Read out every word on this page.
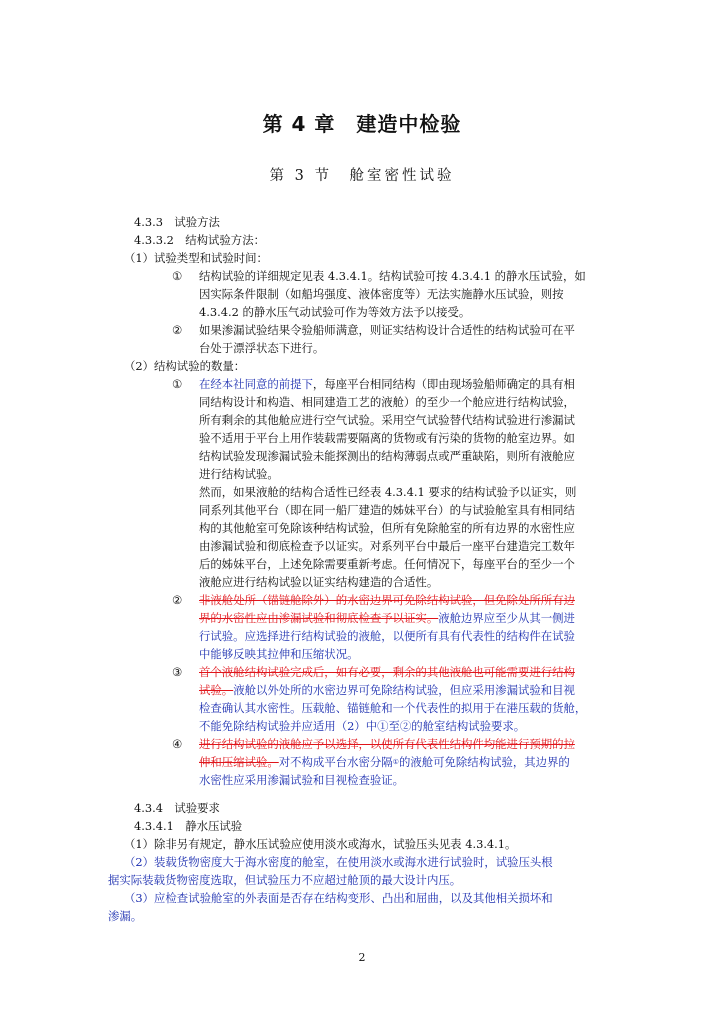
第 4 章　建造中检验
第 3 节　舱室密性试验
4.3.3　试验方法
4.3.3.2　结构试验方法：
（1）试验类型和试验时间：
① 结构试验的详细规定见表 4.3.4.1。结构试验可按 4.3.4.1 的静水压试验，如
因实际条件限制（如船坞强度、液体密度等）无法实施静水压试验，则按
4.3.4.2 的静水压气动试验可作为等效方法予以接受。
② 如果渗漏试验结果令验船师满意，则证实结构设计合适性的结构试验可在平
台处于漂浮状态下进行。
（2）结构试验的数量：
① 在经本社同意的前提下，每座平台相同结构（即由现场验船师确定的具有相
同结构设计和构造、相同建造工艺的液舱）的至少一个舱应进行结构试验，
所有剩余的其他舱应进行空气试验。采用空气试验替代结构试验进行渗漏试
验不适用于平台上用作装载需要隔离的货物或有污染的货物的舱室边界。如
结构试验发现渗漏试验未能探测出的结构薄弱点或严重缺陷，则所有液舱应
进行结构试验。
然而，如果液舱的结构合适性已经表 4.3.4.1 要求的结构试验予以证实，则
同系列其他平台（即在同一船厂建造的姊妹平台）的与试验舱室具有相同结
构的其他舱室可免除该种结构试验，但所有免除舱室的所有边界的水密性应
由渗漏试验和彻底检查予以证实。对系列平台中最后一座平台建造完工数年
后的姊妹平台，上述免除需要重新考虑。任何情况下，每座平台的至少一个
液舱应进行结构试验以证实结构建造的合适性。
② 非液舱处所（锚链舱除外）的水密边界可免除结构试验，但免除处所所有边
界的水密性应由渗漏试验和彻底检查予以证实。液舱边界应至少从其一侧进
行试验。应选择进行结构试验的液舱，以便所有具有代表性的结构件在试验
中能够反映其拉伸和压缩状况。
③ 首个液舱结构试验完成后，如有必要，剩余的其他液舱也可能需要进行结构
试验。液舱以外处所的水密边界可免除结构试验，但应采用渗漏试验和目视
检查确认其水密性。压载舱、锚链舱和一个代表性的拟用于在港压载的货舱，
不能免除结构试验并应适用（2）中①至②的舱室结构试验要求。
④ 进行结构试验的液舱应予以选择，以使所有代表性结构件均能进行预期的拉
伸和压缩试验。对不构成平台水密分隔①的液舱可免除结构试验，其边界的
水密性应采用渗漏试验和目视检查验证。
4.3.4　试验要求
4.3.4.1　静水压试验
（1）除非另有规定，静水压试验应使用淡水或海水，试验压头见表 4.3.4.1。
（2）装载货物密度大于海水密度的舱室，在使用淡水或海水进行试验时，试验压头根
据实际装载货物密度选取，但试验压力不应超过舱顶的最大设计内压。
（3）应检查试验舱室的外表面是否存在结构变形、凸出和屈曲，以及其他相关损坏和
渗漏。
2
